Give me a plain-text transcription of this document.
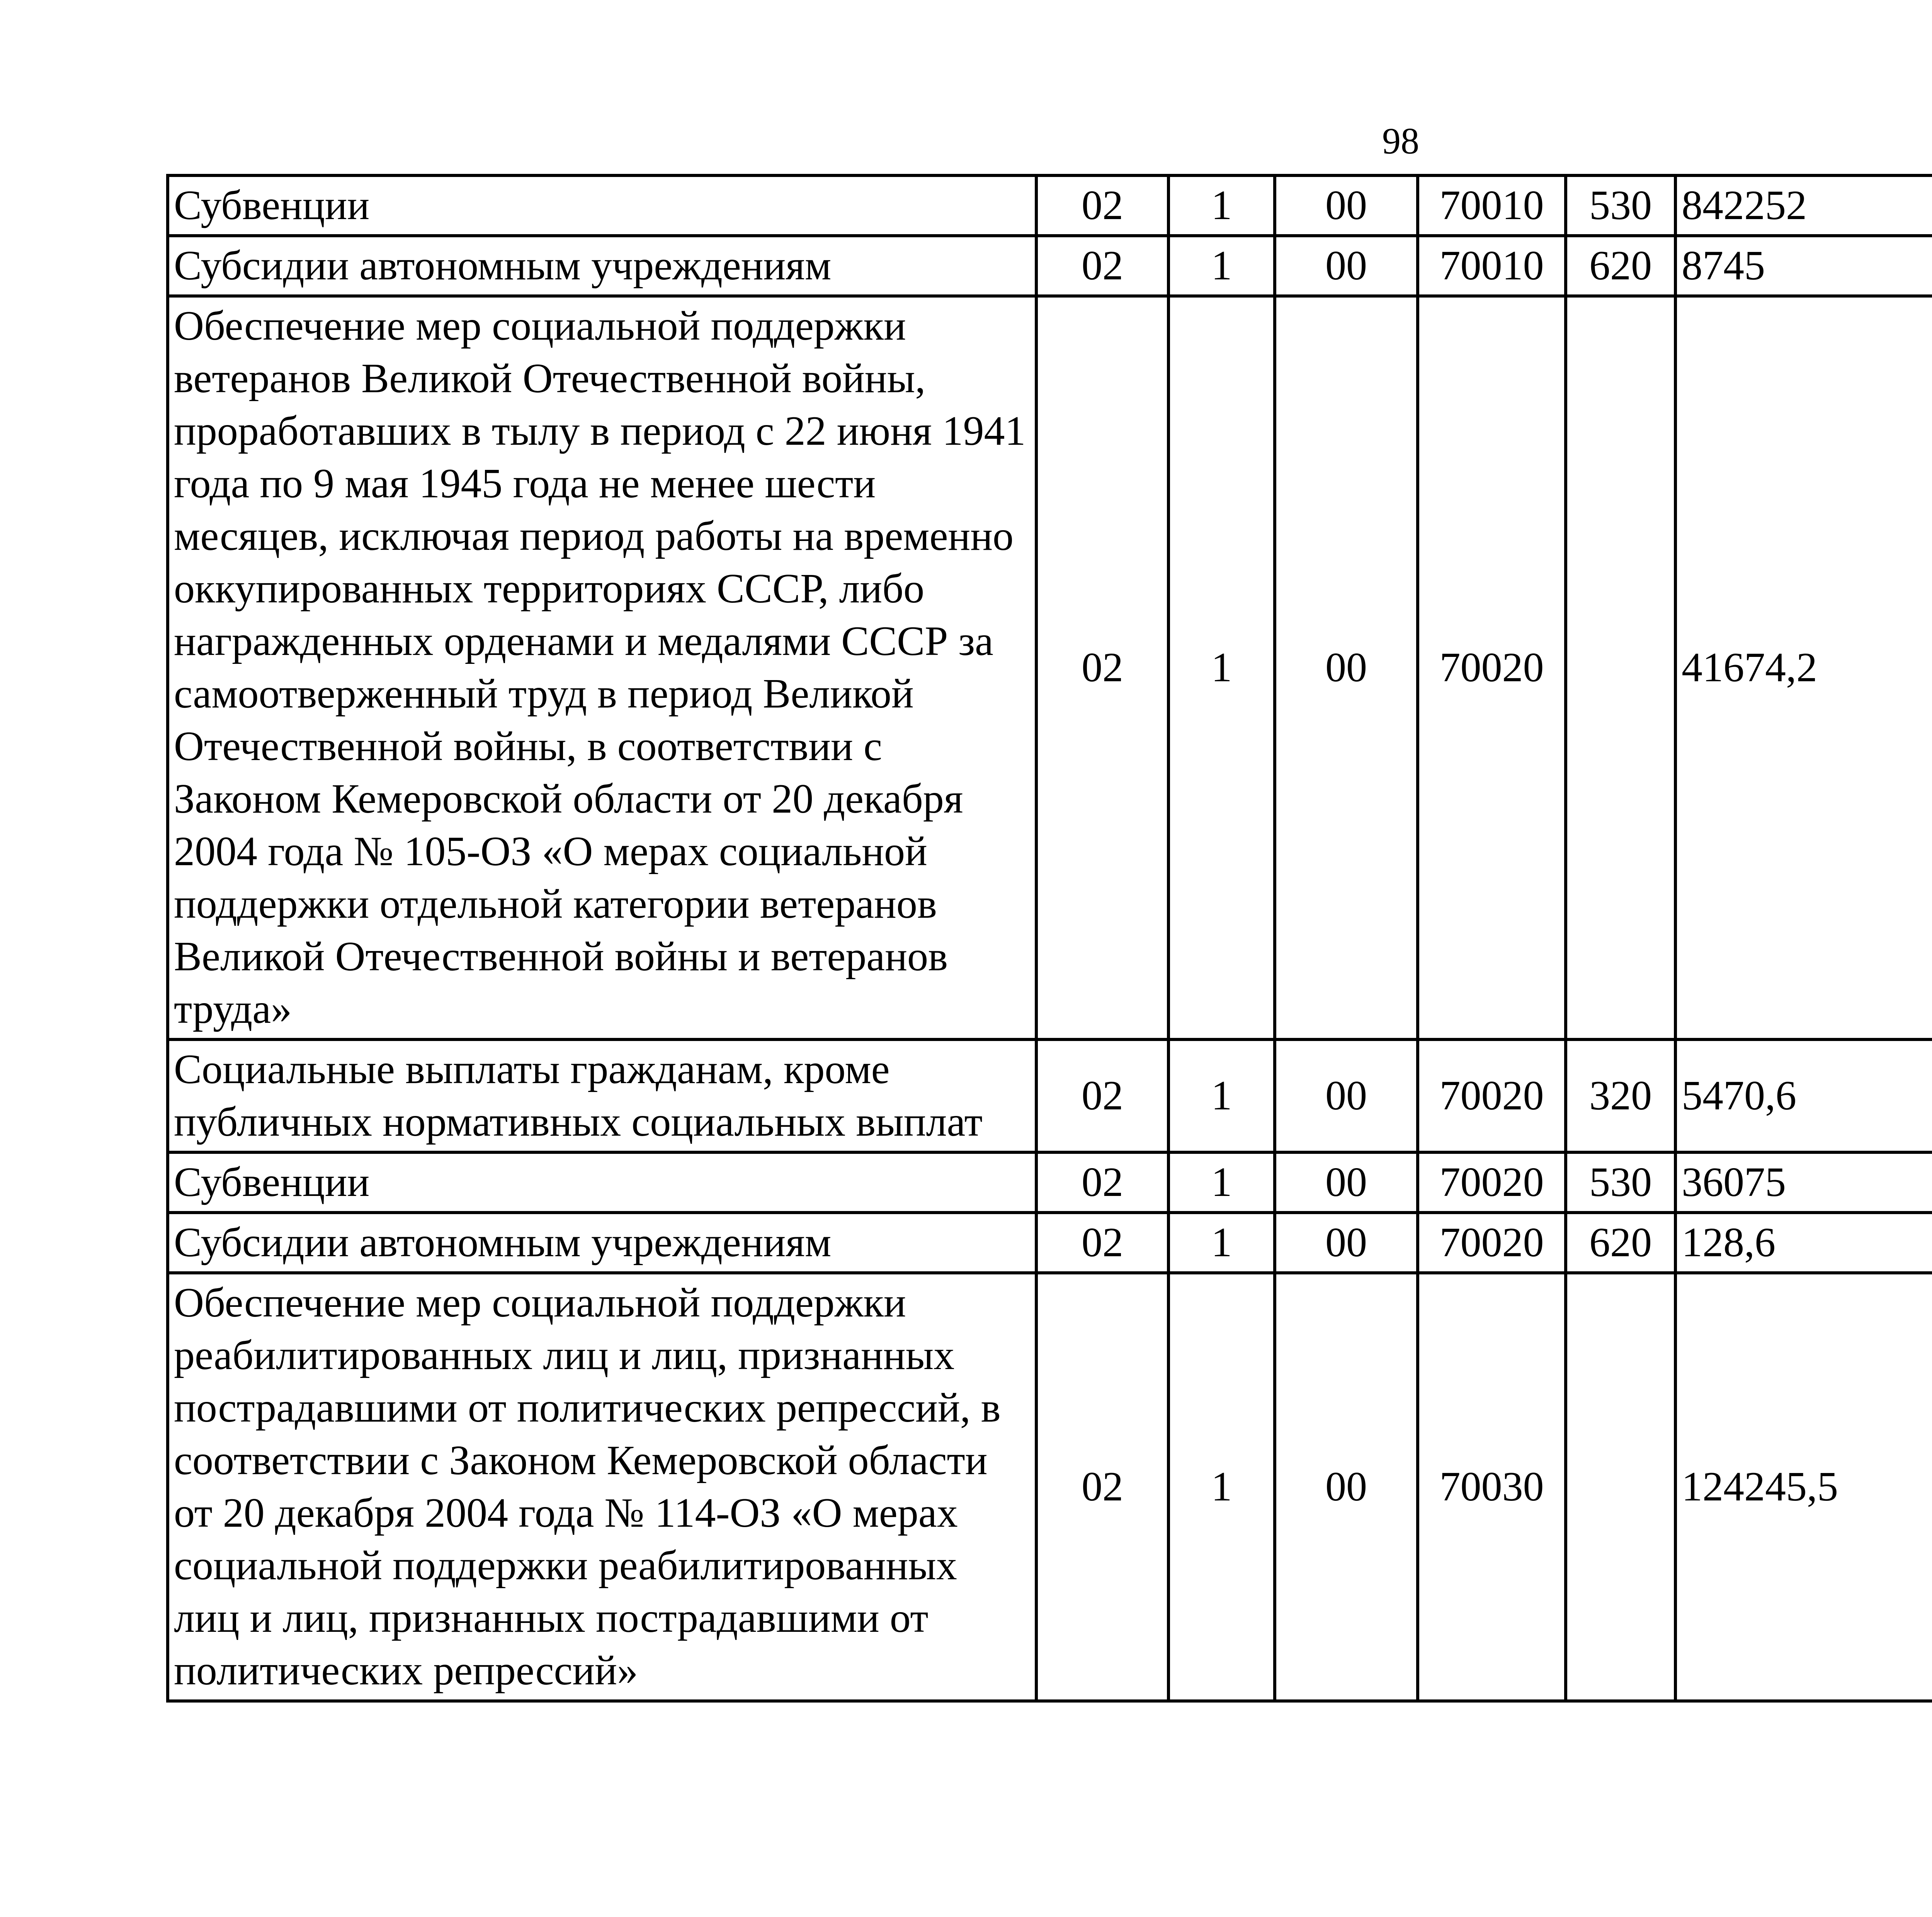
98
Субвенции	02	1	00	70010	530	842252		
Субсидии автономным учреждениям	02	1	00	70010	620	8745		
Обеспечение мер социальной поддержки ветеранов Великой Отечественной войны, проработавших в тылу в период с 22 июня 1941 года по 9 мая 1945 года не менее шести месяцев, исключая период работы на временно оккупированных территориях СССР, либо награжденных орденами и медалями СССР за самоотверженный труд в период Великой Отечественной войны, в соответствии с Законом Кемеровской области от 20 декабря 2004 года № 105-ОЗ «О мерах социальной поддержки отдельной категории ветеранов Великой Отечественной войны и ветеранов труда»	02	1	00	70020		41674,2		
Социальные выплаты гражданам, кроме публичных нормативных социальных выплат	02	1	00	70020	320	5470,6		
Субвенции	02	1	00	70020	530	36075		
Субсидии автономным учреждениям	02	1	00	70020	620	128,6		
Обеспечение мер социальной поддержки реабилитированных лиц и лиц, признанных пострадавшими от политических репрессий, в соответствии с Законом Кемеровской области от 20 декабря 2004 года № 114-ОЗ «О мерах социальной поддержки реабилитированных лиц и лиц, признанных пострадавшими от политических репрессий»	02	1	00	70030		124245,5		
